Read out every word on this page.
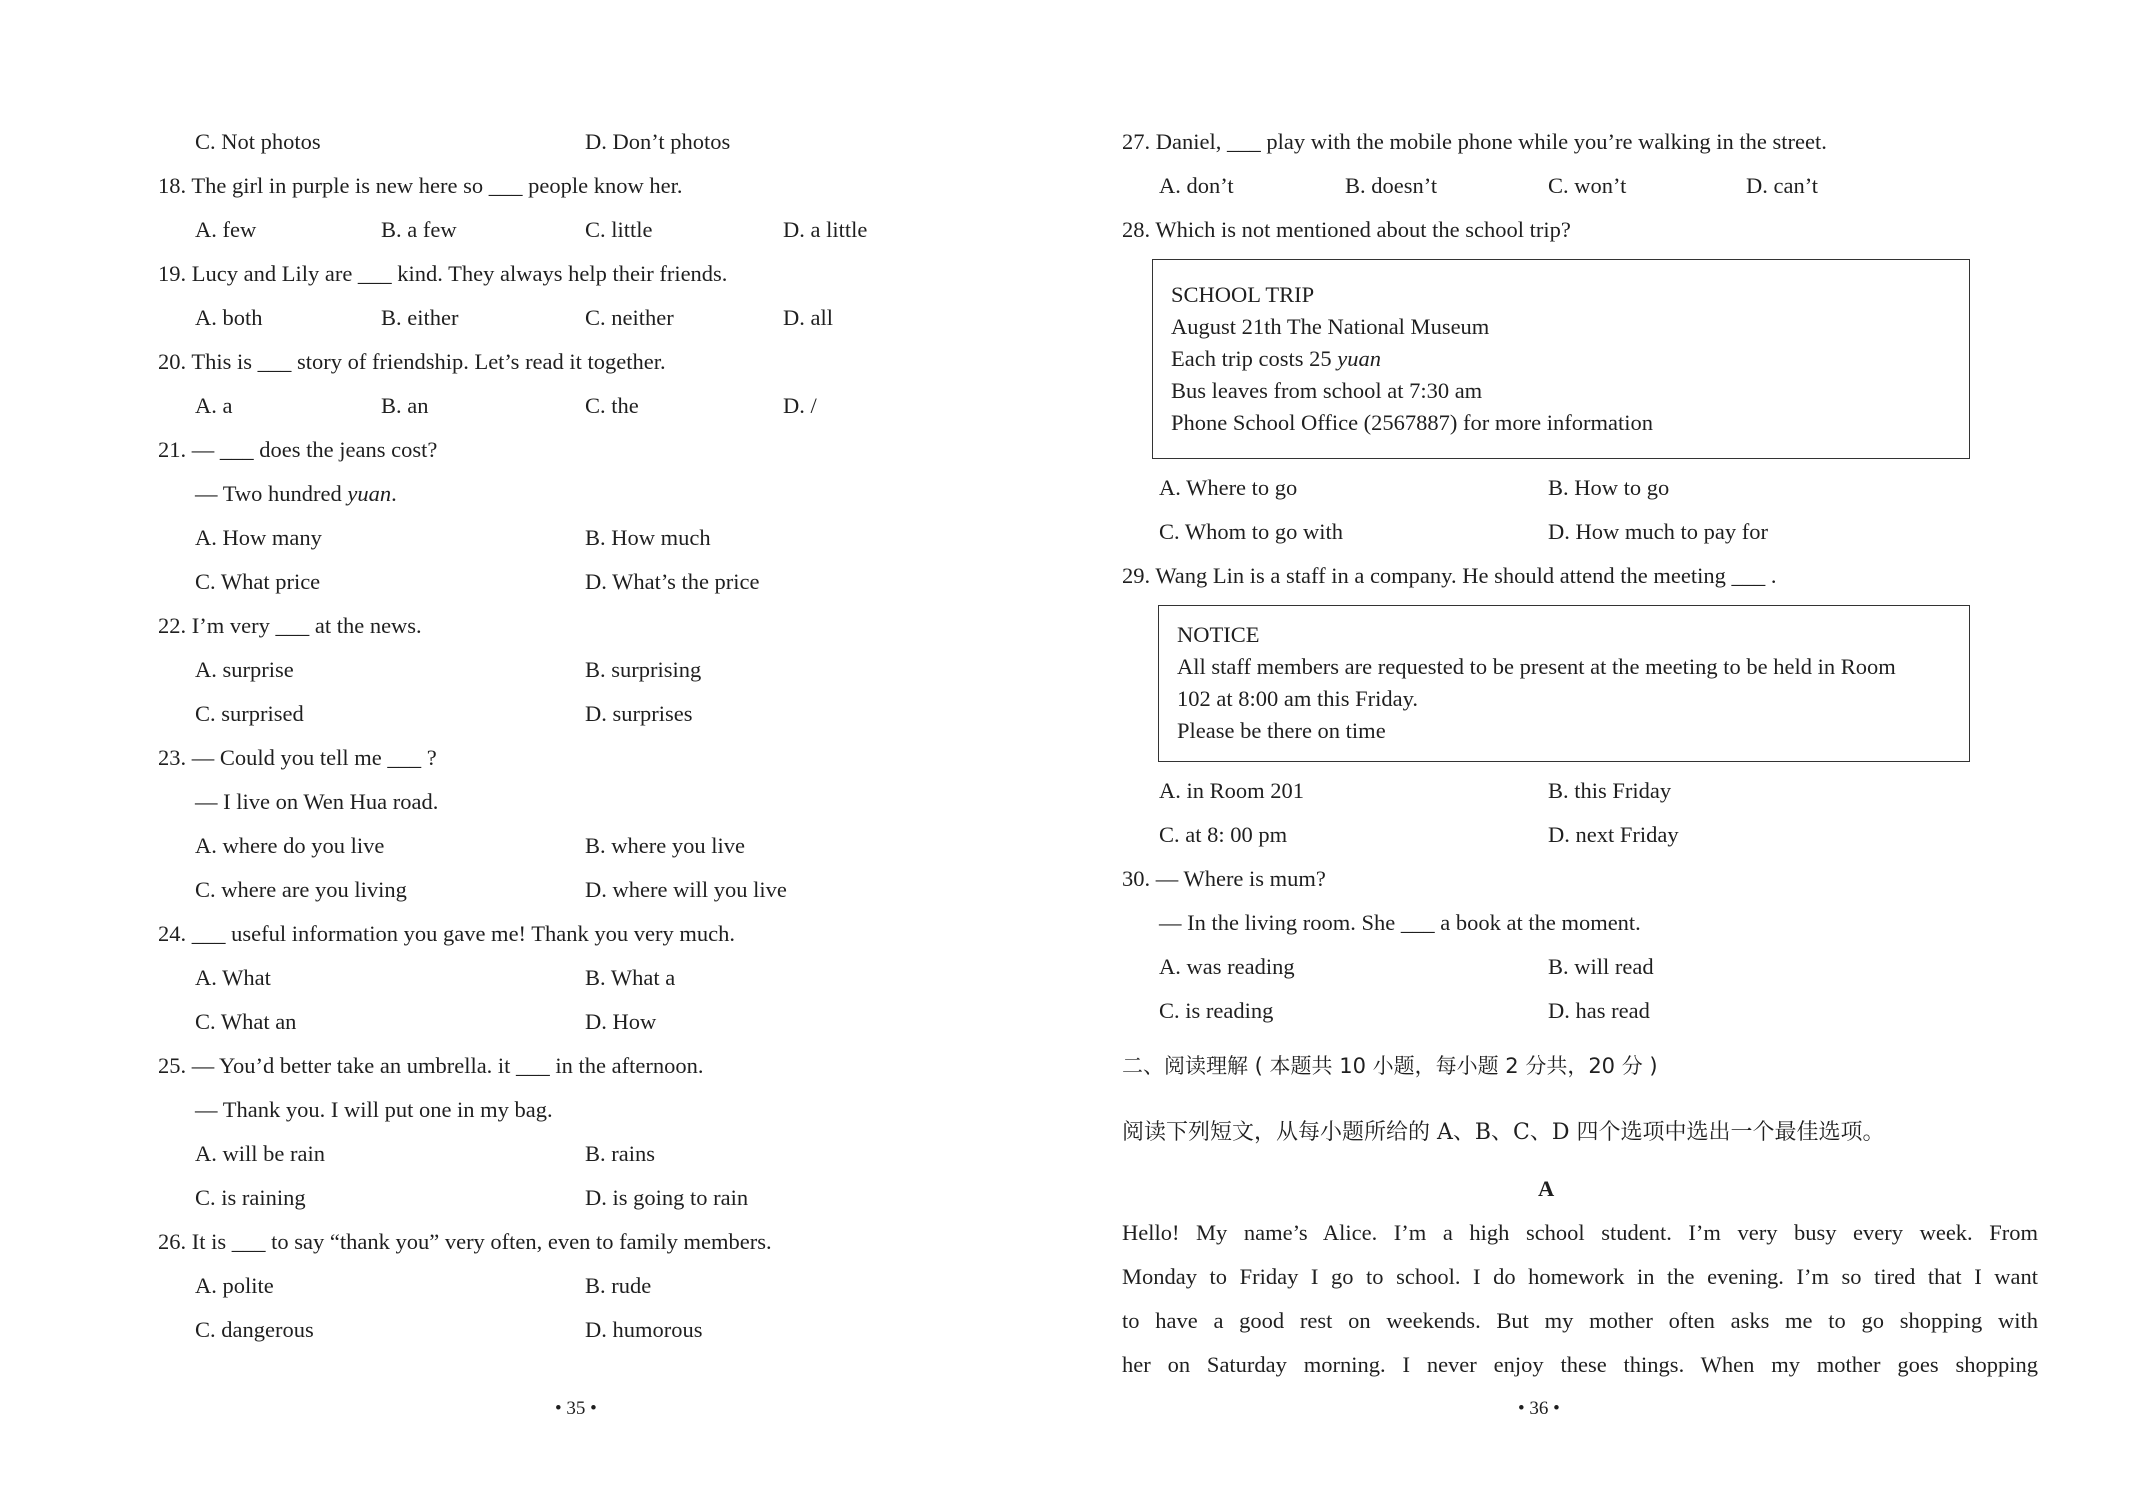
C. Not photos	D. Don’t photos
18. The girl in purple is new here so ___ people know her.
A. few	B. a few	C. little	D. a little
19. Lucy and Lily are ___ kind. They always help their friends.
A. both	B. either	C. neither	D. all
20. This is ___ story of friendship. Let’s read it together.
A. a	B. an	C. the	D. /
21. — ___ does the jeans cost?
— Two hundred yuan.
A. How many	B. How much
C. What price	D. What’s the price
22. I’m very ___ at the news.
A. surprise	B. surprising
C. surprised	D. surprises
23. — Could you tell me ___ ?
— I live on Wen Hua road.
A. where do you live	B. where you live
C. where are you living	D. where will you live
24. ___ useful information you gave me! Thank you very much.
A. What	B. What a
C. What an	D. How
25. — You’d better take an umbrella. it ___ in the afternoon.
— Thank you. I will put one in my bag.
A. will be rain	B. rains
C. is raining	D. is going to rain
26. It is ___ to say “thank you” very often, even to family members.
A. polite	B. rude
C. dangerous	D. humorous
• 35 •
27. Daniel, ___ play with the mobile phone while you’re walking in the street.
A. don’t	B. doesn’t	C. won’t	D. can’t
28. Which is not mentioned about the school trip?
SCHOOL TRIP
August 21th The National Museum
Each trip costs 25 yuan
Bus leaves from school at 7:30 am
Phone School Office (2567887) for more information
A. Where to go	B. How to go
C. Whom to go with	D. How much to pay for
29. Wang Lin is a staff in a company. He should attend the meeting ___ .
NOTICE
All staff members are requested to be present at the meeting to be held in Room
102 at 8:00 am this Friday.
Please be there on time
A. in Room 201	B. this Friday
C. at 8: 00 pm	D. next Friday
30. — Where is mum?
— In the living room. She ___ a book at the moment.
A. was reading	B. will read
C. is reading	D. has read
二、阅读理解 ( 本题共 10 小题，每小题 2 分共，20 分 )
阅读下列短文，从每小题所给的 A、B、C、D 四个选项中选出一个最佳选项。
A
Hello! My name’s Alice. I’m a high school student. I’m very busy every week. From
Monday to Friday I go to school. I do homework in the evening. I’m so tired that I want
to have a good rest on weekends. But my mother often asks me to go shopping with
her on Saturday morning. I never enjoy these things. When my mother goes shopping
• 36 •
